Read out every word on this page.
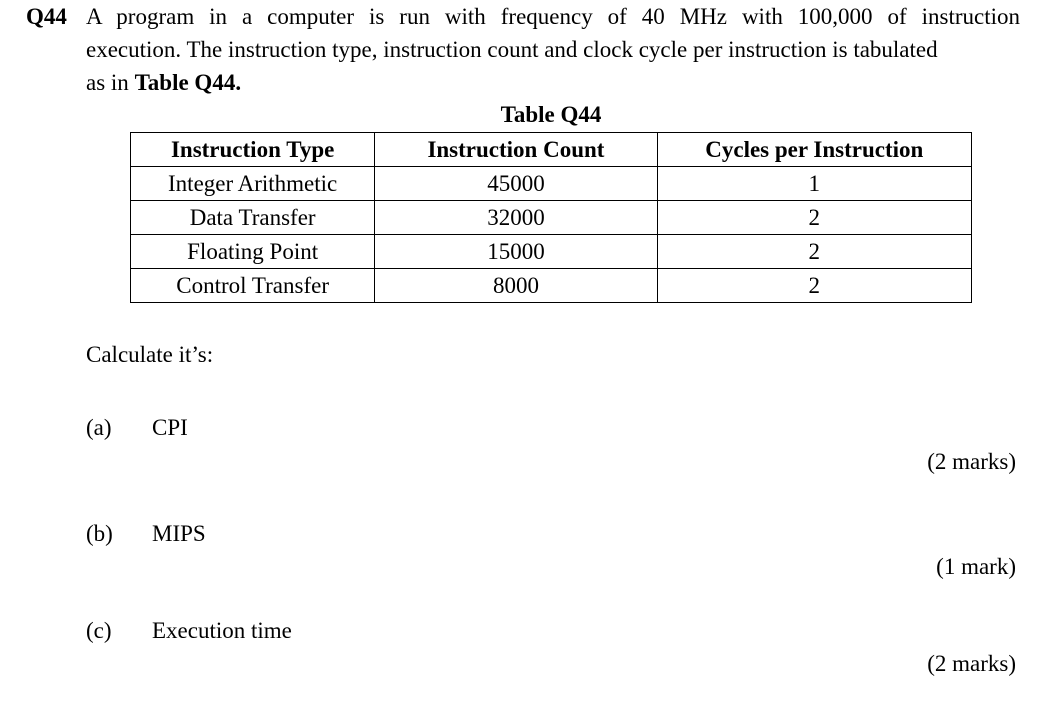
Q44 A program in a computer is run with frequency of 40 MHz with 100,000 of instruction
execution. The instruction type, instruction count and clock cycle per instruction is tabulated
as in Table Q44.
Table Q44
Instruction Type	Instruction Count	Cycles per Instruction
Integer Arithmetic	45000	1
Data Transfer	32000	2
Floating Point	15000	2
Control Transfer	8000	2
Calculate it’s:
(a) CPI
(2 marks)
(b) MIPS
(1 mark)
(c) Execution time
(2 marks)
